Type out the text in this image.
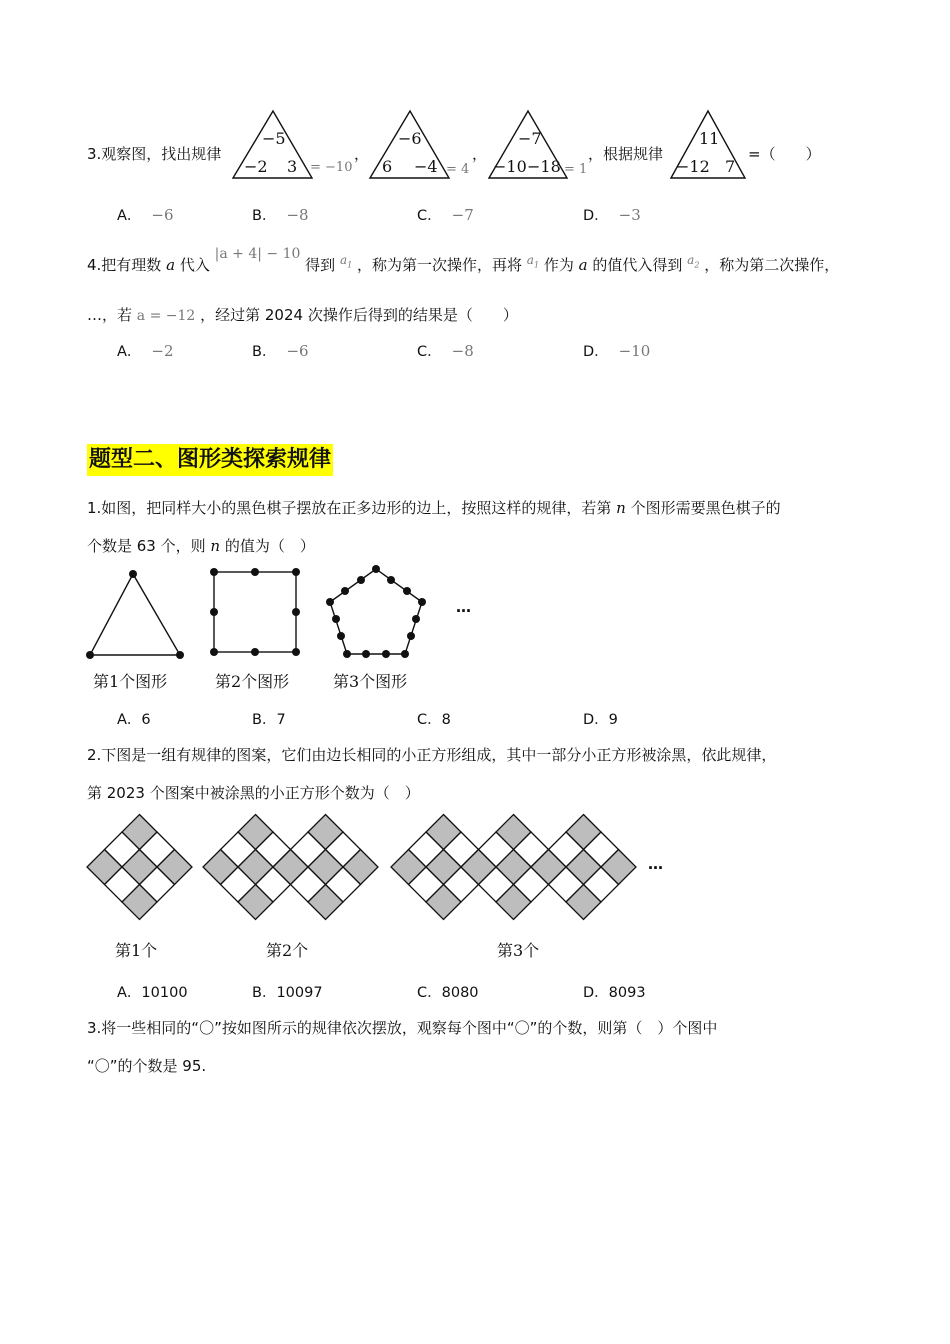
3.观察图，找出规律
−5
−2 3 = −10
，
−6
6 −4 = 4
，
−7
−10 −18 = 1
，根据规律
11
−12 7
=（　　）
A． −6	B． −8	C． −7	D． −3
4.把有理数 a 代入 |a + 4| − 10 得到 $^{a_1}$ ，称为第一次操作，再将 $^{a_1}$ 作为 a 的值代入得到 $^{a_2}$ ，称为第二次操作，
…，若 a = −12 ，经过第 2024 次操作后得到的结果是（　　）
A． −2	B． −6	C． −8	D． −10
题型二、图形类探索规律
1.如图，把同样大小的黑色棋子摆放在正多边形的边上，按照这样的规律，若第 n 个图形需要黑色棋子的
个数是 63 个，则 n 的值为（　）
…
第1个图形	第2个图形	第3个图形
A．6	B．7	C．8	D．9
2.下图是一组有规律的图案，它们由边长相同的小正方形组成，其中一部分小正方形被涂黑，依此规律，
第 2023 个图案中被涂黑的小正方形个数为（　）
…
第1个	第2个	第3个
A．10100	B．10097	C．8080	D．8093
3.将一些相同的“〇”按如图所示的规律依次摆放，观察每个图中“〇”的个数，则第（　）个图中
“〇”的个数是 95.
